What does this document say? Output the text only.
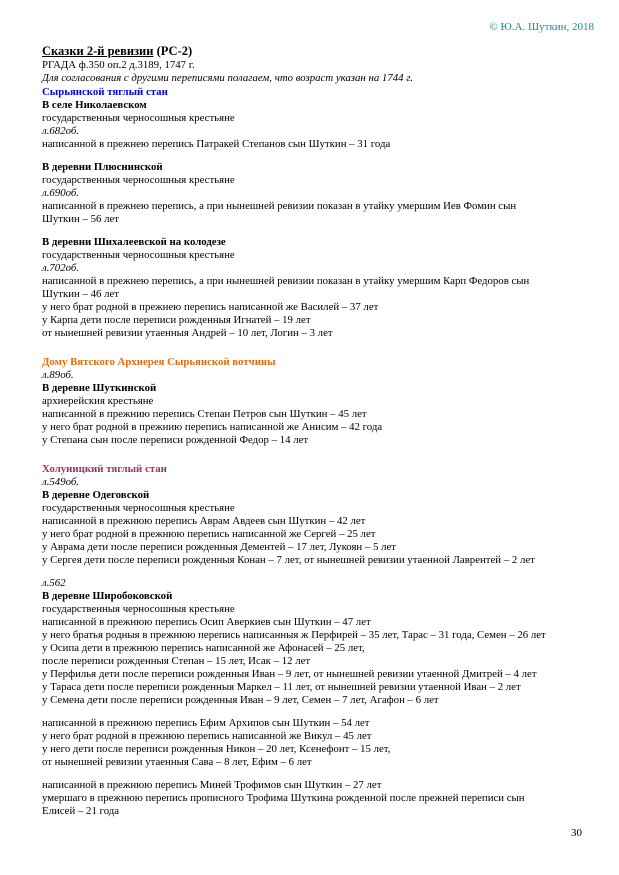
© Ю.А. Шуткин, 2018
Сказки 2-й ревизии (РС-2)
РГАДА ф.350 оп.2 д.3189, 1747 г.
Для согласования с другими переписями полагаем, что возраст указан на 1744 г.
Сырьянской тяглый стан
В селе Николаевском
государственныя черносошныя крестьяне
л.682об.
написанной в прежнею перепись Патракей Степанов сын Шуткин – 31 года
В деревни Плюснинской
государственныя черносошныя крестьяне
л.690об.
написанной в прежнею перепись, а при нынешней ревизии показан в утайку умершим Иев Фомин сын
Шуткин – 56 лет
В деревни Шихалеевской на колодезе
государственныя черносошныя крестьяне
л.702об.
написанной в прежнею перепись, а при нынешней ревизии показан в утайку умершим Карп Федоров сын
Шуткин – 46 лет
у него брат родной в прежнею перепись написанной же Василей – 37 лет
у Карпа дети после переписи рожденныя Игнатей – 19 лет
от нынешней ревизии утаенныя Андрей – 10 лет, Логин – 3 лет
Дому Вятского Архиерея Сырьянской вотчины
л.89об.
В деревне Шуткинской
архиерейския крестьяне
написанной в прежнию перепись Степан Петров сын Шуткин – 45 лет
у него брат родной в прежнию перепись написанной же Анисим – 42 года
у Степана сын после переписи рожденной Федор – 14 лет
Холуницкий тяглый стан
л.549об.
В деревне Одеговской
государственныя черносошныя крестьяне
написанной в прежнюю перепись Аврам Авдеев сын Шуткин – 42 лет
у него брат родной в прежнюю перепись написанной же Сергей – 25 лет
у Аврама дети после переписи рожденныя Дементей – 17 лет, Лукоян – 5 лет
у Сергея дети после переписи рожденныя Конан – 7 лет, от нынешней ревизии утаенной Лаврентей – 2 лет
л.562
В деревне Широбоковской
государственныя черносошныя крестьяне
написанной в прежнюю перепись Осип Аверкиев сын Шуткин – 47 лет
у него братья родныя в прежнюю перепись написанныя ж Перфирей – 35 лет, Тарас – 31 года, Семен – 26 лет
у Осипа дети в прежнюю перепись написанной же Афонасей – 25 лет,
после переписи рожденныя Степан – 15 лет, Исак – 12 лет
у Перфилья дети после переписи рожденныя Иван – 9 лет, от нынешней ревизии утаенной Дмитрей – 4 лет
у Тараса дети после переписи рожденныя Маркел – 11 лет, от нынешней ревизии утаенной Иван – 2 лет
у Семена дети после переписи рожденныя Иван – 9 лет, Семен – 7 лет, Агафон – 6 лет
написанной в прежнюю перепись Ефим Архипов сын Шуткин – 54 лет
у него брат родной в прежнюю перепись написанной же Викул – 45 лет
у него дети после переписи рожденныя Никон – 20 лет, Ксенефонт – 15 лет,
от нынешней ревизии утаенныя Сава – 8 лет, Ефим – 6 лет
написанной в прежнюю перепись Миней Трофимов сын Шуткин – 27 лет
умершаго в прежнюю перепись прописного Трофима Шуткина рожденной после прежней переписи сын
Елисей – 21 года
30
